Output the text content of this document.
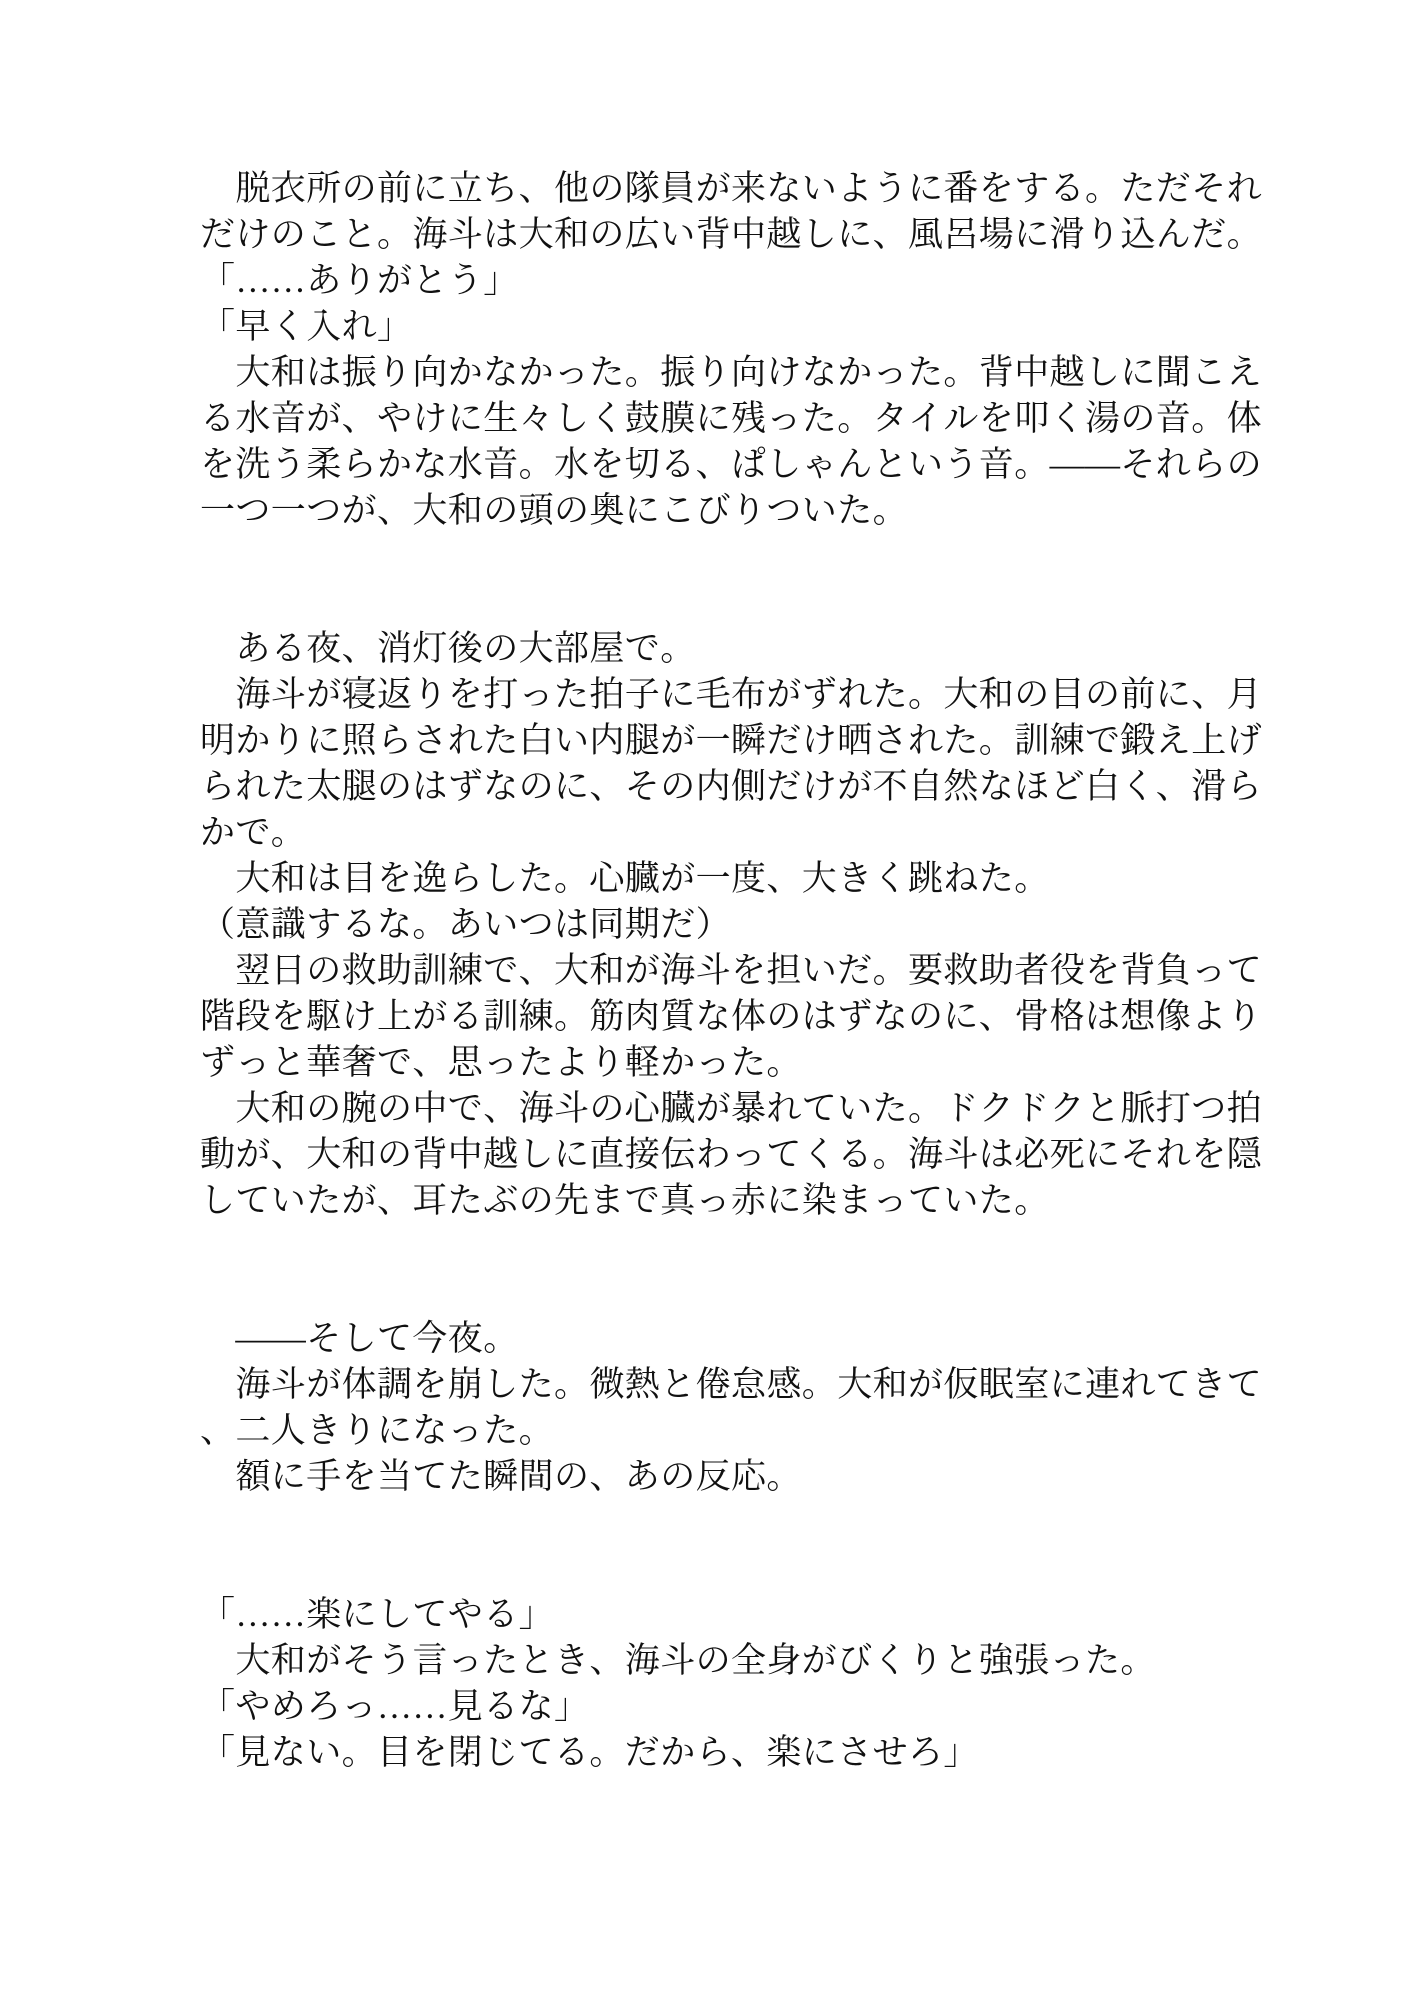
　脱衣所の前に立ち、他の隊員が来ないように番をする。ただそれ
だけのこと。海斗は大和の広い背中越しに、風呂場に滑り込んだ。
「……ありがとう」
「早く入れ」
　大和は振り向かなかった。振り向けなかった。背中越しに聞こえ
る水音が、やけに生々しく鼓膜に残った。タイルを叩く湯の音。体
を洗う柔らかな水音。水を切る、ぱしゃんという音。——それらの
一つ一つが、大和の頭の奥にこびりついた。
　ある夜、消灯後の大部屋で。
　海斗が寝返りを打った拍子に毛布がずれた。大和の目の前に、月
明かりに照らされた白い内腿が一瞬だけ晒された。訓練で鍛え上げ
られた太腿のはずなのに、その内側だけが不自然なほど白く、滑ら
かで。
　大和は目を逸らした。心臓が一度、大きく跳ねた。
（意識するな。あいつは同期だ）
　翌日の救助訓練で、大和が海斗を担いだ。要救助者役を背負って
階段を駆け上がる訓練。筋肉質な体のはずなのに、骨格は想像より
ずっと華奢で、思ったより軽かった。
　大和の腕の中で、海斗の心臓が暴れていた。ドクドクと脈打つ拍
動が、大和の背中越しに直接伝わってくる。海斗は必死にそれを隠
していたが、耳たぶの先まで真っ赤に染まっていた。
　——そして今夜。
　海斗が体調を崩した。微熱と倦怠感。大和が仮眠室に連れてきて
、二人きりになった。
　額に手を当てた瞬間の、あの反応。
「……楽にしてやる」
　大和がそう言ったとき、海斗の全身がびくりと強張った。
「やめろっ……見るな」
「見ない。目を閉じてる。だから、楽にさせろ」
